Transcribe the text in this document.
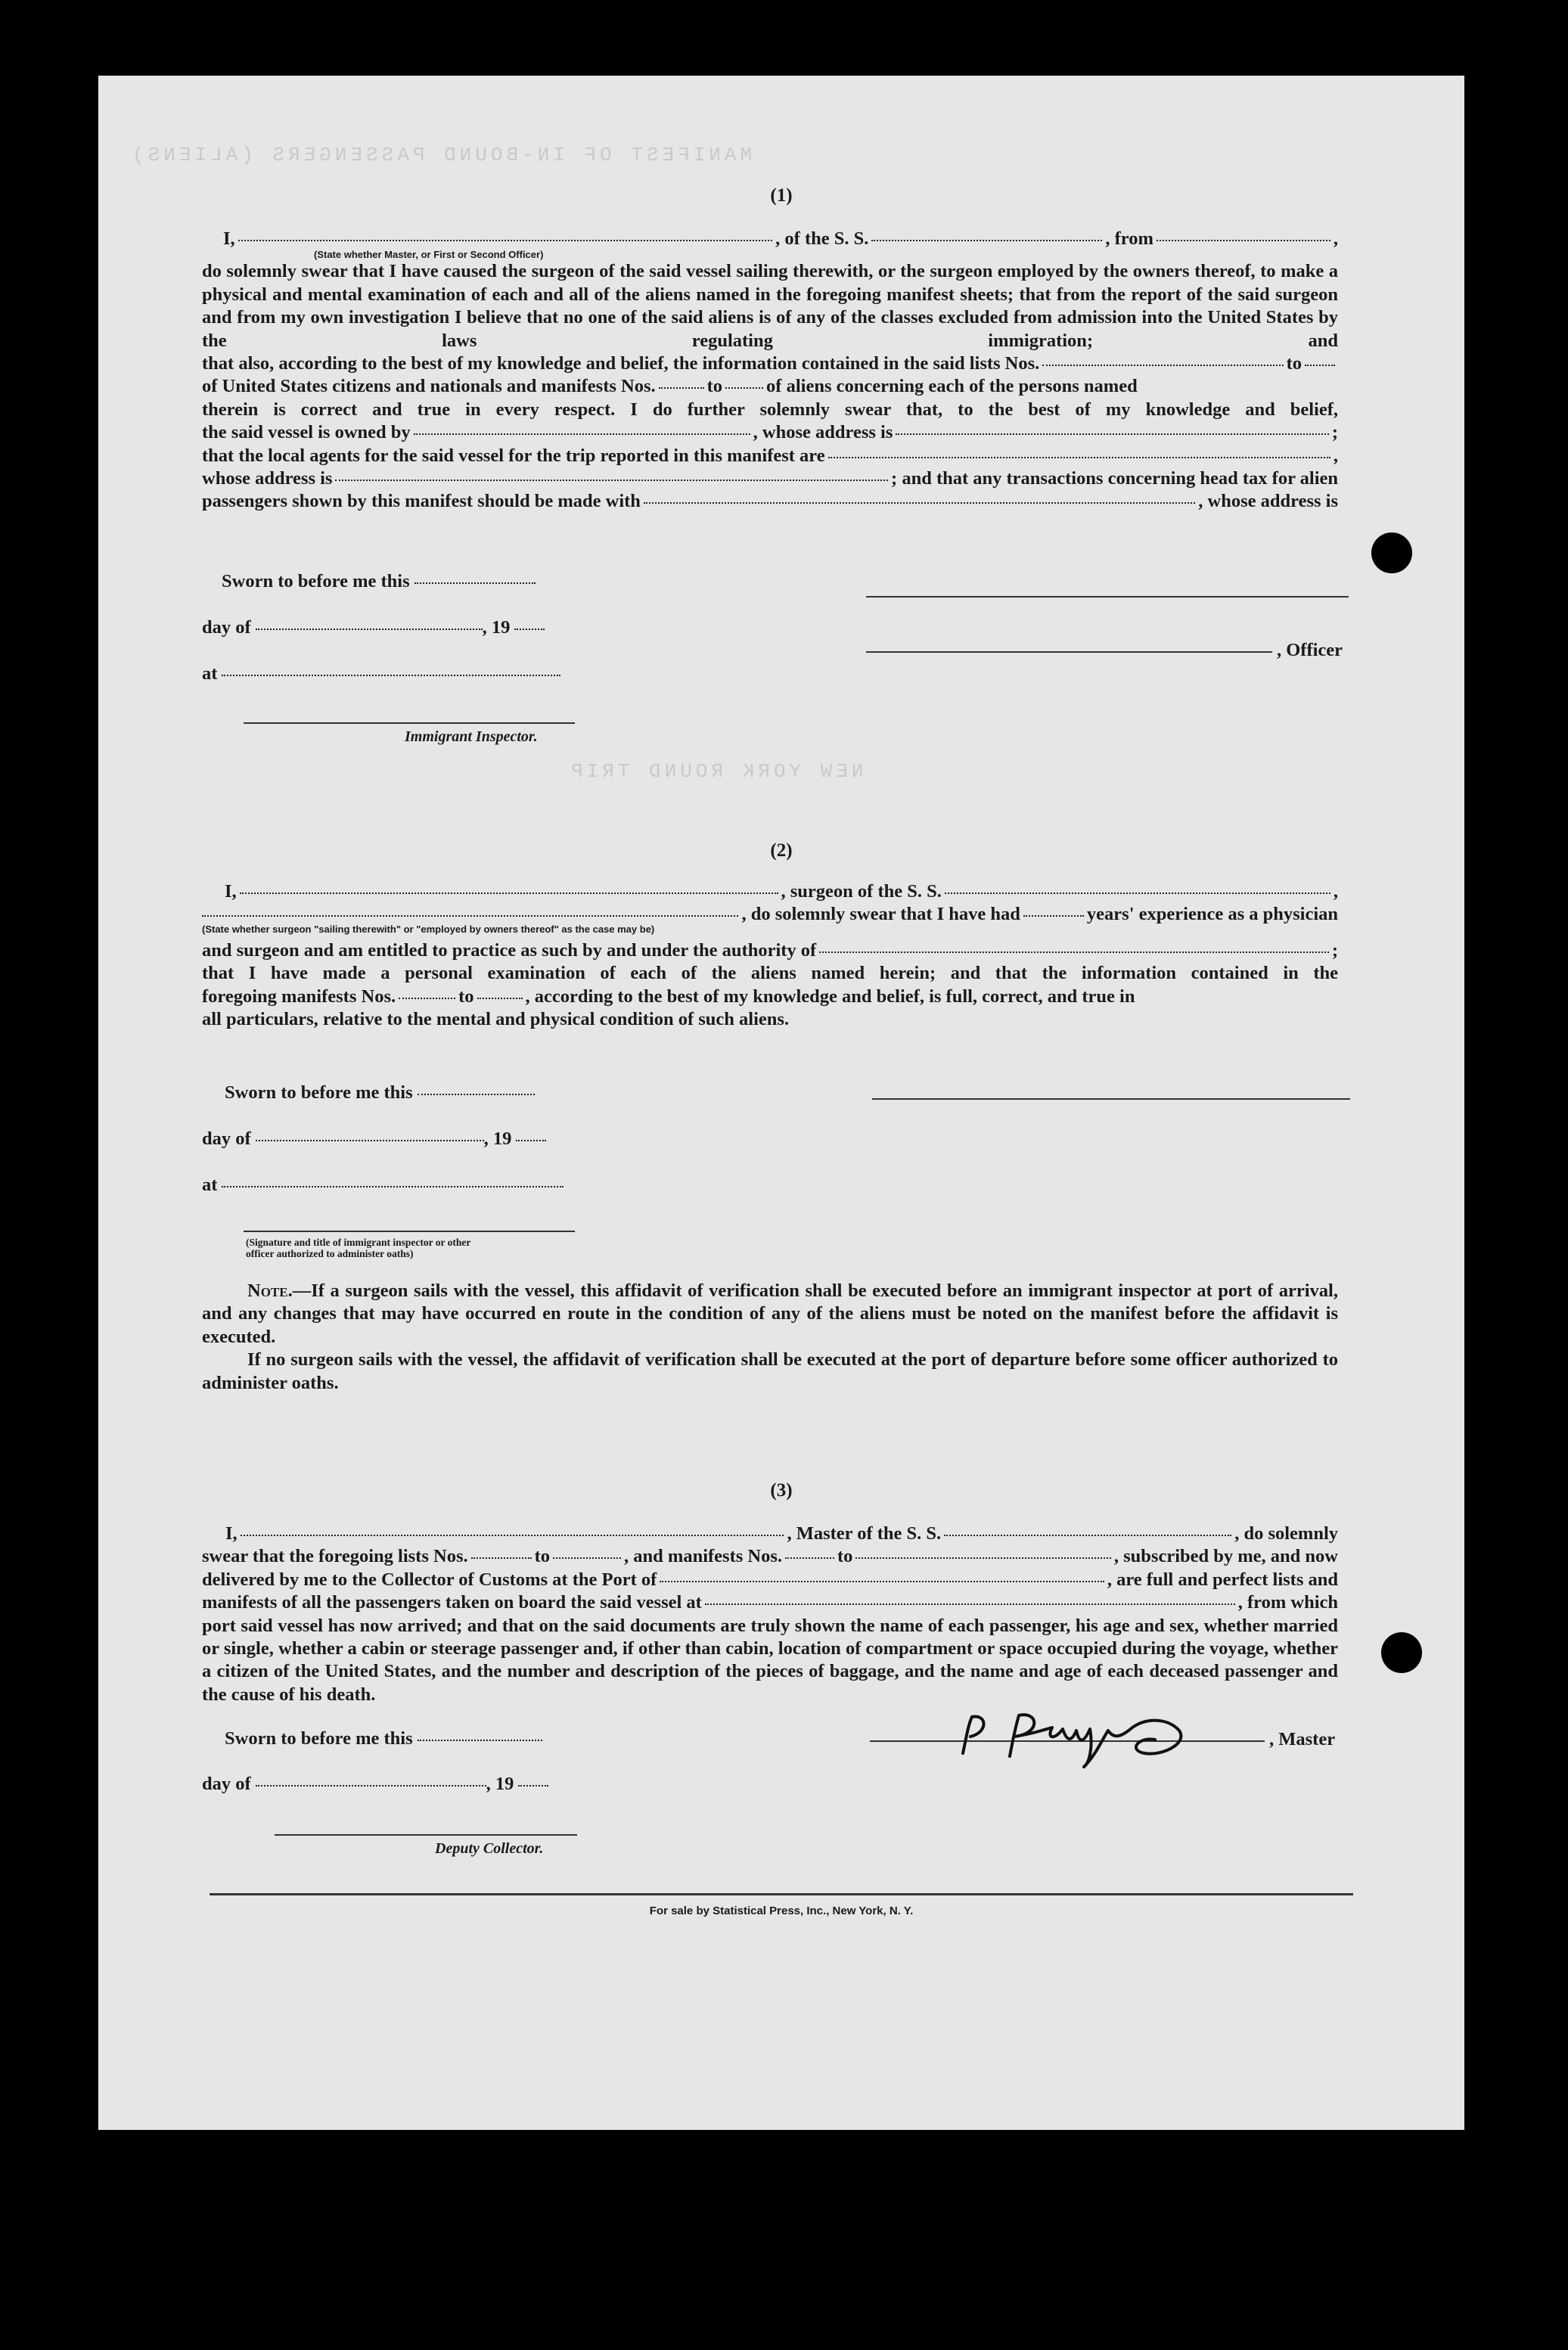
MANIFEST OF IN-BOUND PASSENGERS (ALIENS)
NEW YORK ROUND TRIP
(1)
I,	, of the S. S.	, from	,
(State whether Master, or First or Second Officer)

do solemnly swear that I have caused the surgeon of the said vessel sailing therewith, or the surgeon employed by the owners thereof, to make a physical and mental examination of each and all of the aliens named in the foregoing manifest sheets; that from the report of the said surgeon and from my own investigation I believe that no one of the said aliens is of any of the classes excluded from admission into the United States by the laws regulating immigration; and

that also, according to the best of my knowledge and belief, the information contained in the said lists Nos.	to
of United States citizens and nationals and manifests Nos.	to of aliens concerning each of the persons named

therein is correct and true in every respect. I do further solemnly swear that, to the best of my knowledge and belief,

the said vessel is owned by	, whose address is	;
that the local agents for the said vessel for the trip reported in this manifest are	,
whose address is	; and that any transactions concerning head tax for alien
passengers shown by this manifest should be made with	, whose address is
Sworn to before me this
day of	, 19
at
Immigrant Inspector.
, Officer
(2)
I,	, surgeon of the S. S.	,
, do solemnly swear that I have had	years' experience as a physician
(State whether surgeon "sailing therewith" or "employed by owners thereof" as the case may be)
and surgeon and am entitled to practice as such by and under the authority of	;

that I have made a personal examination of each of the aliens named herein; and that the information contained in the

foregoing manifests Nos.	to	, according to the best of my knowledge and belief, is full, correct, and true in

all particulars, relative to the mental and physical condition of such aliens.

Sworn to before me this
day of	, 19
at
(Signature and title of immigrant inspector or other officer authorized to administer oaths)

Note.—If a surgeon sails with the vessel, this affidavit of verification shall be executed before an immigrant inspector at port of arrival, and any changes that may have occurred en route in the condition of any of the aliens must be noted on the manifest before the affidavit is executed.

If no surgeon sails with the vessel, the affidavit of verification shall be executed at the port of departure before some officer authorized to administer oaths.

(3)
I,	, Master of the S. S.	, do solemnly
swear that the foregoing lists Nos.	to	, and manifests Nos.	to	, subscribed by me, and now
delivered by me to the Collector of Customs at the Port of	, are full and perfect lists and
manifests of all the passengers taken on board the said vessel at	, from which

port said vessel has now arrived; and that on the said documents are truly shown the name of each passenger, his age and sex, whether married or single, whether a cabin or steerage passenger and, if other than cabin, location of compartment or space occupied during the voyage, whether a citizen of the United States, and the number and description of the pieces of baggage, and the name and age of each deceased passenger and the cause of his death.

Sworn to before me this
day of	, 19
Deputy Collector.
, Master
For sale by Statistical Press, Inc., New York, N. Y.
